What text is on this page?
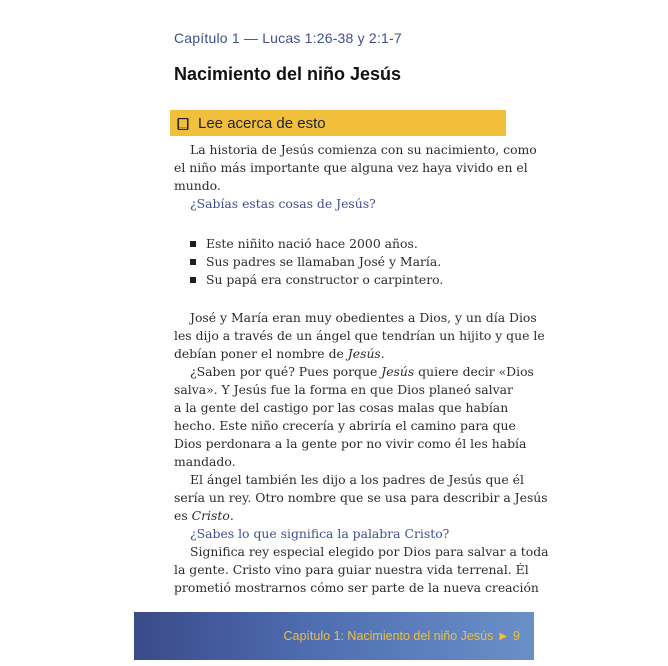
Capítulo 1 — Lucas 1:26-38 y 2:1-7
Nacimiento del niño Jesús
Lee acerca de esto
La historia de Jesús comienza con su nacimiento, como
el niño más importante que alguna vez haya vivido en el
mundo.
¿Sabías estas cosas de Jesús?
Este niñito nació hace 2000 años.
Sus padres se llamaban José y María.
Su papá era constructor o carpintero.
José y María eran muy obedientes a Dios, y un día Dios
les dijo a través de un ángel que tendrían un hijito y que le
debían poner el nombre de Jesús.
¿Saben por qué? Pues porque Jesús quiere decir «Dios
salva». Y Jesús fue la forma en que Dios planeó salvar
a la gente del castigo por las cosas malas que habían
hecho. Este niño crecería y abriría el camino para que
Dios perdonara a la gente por no vivir como él les había
mandado.
El ángel también les dijo a los padres de Jesús que él
sería un rey. Otro nombre que se usa para describir a Jesús
es Cristo.
¿Sabes lo que significa la palabra Cristo?
Significa rey especial elegido por Dios para salvar a toda
la gente. Cristo vino para guiar nuestra vida terrenal. Él
prometió mostrarnos cómo ser parte de la nueva creación
Capítulo 1: Nacimiento del niño Jesús ▶ 9
